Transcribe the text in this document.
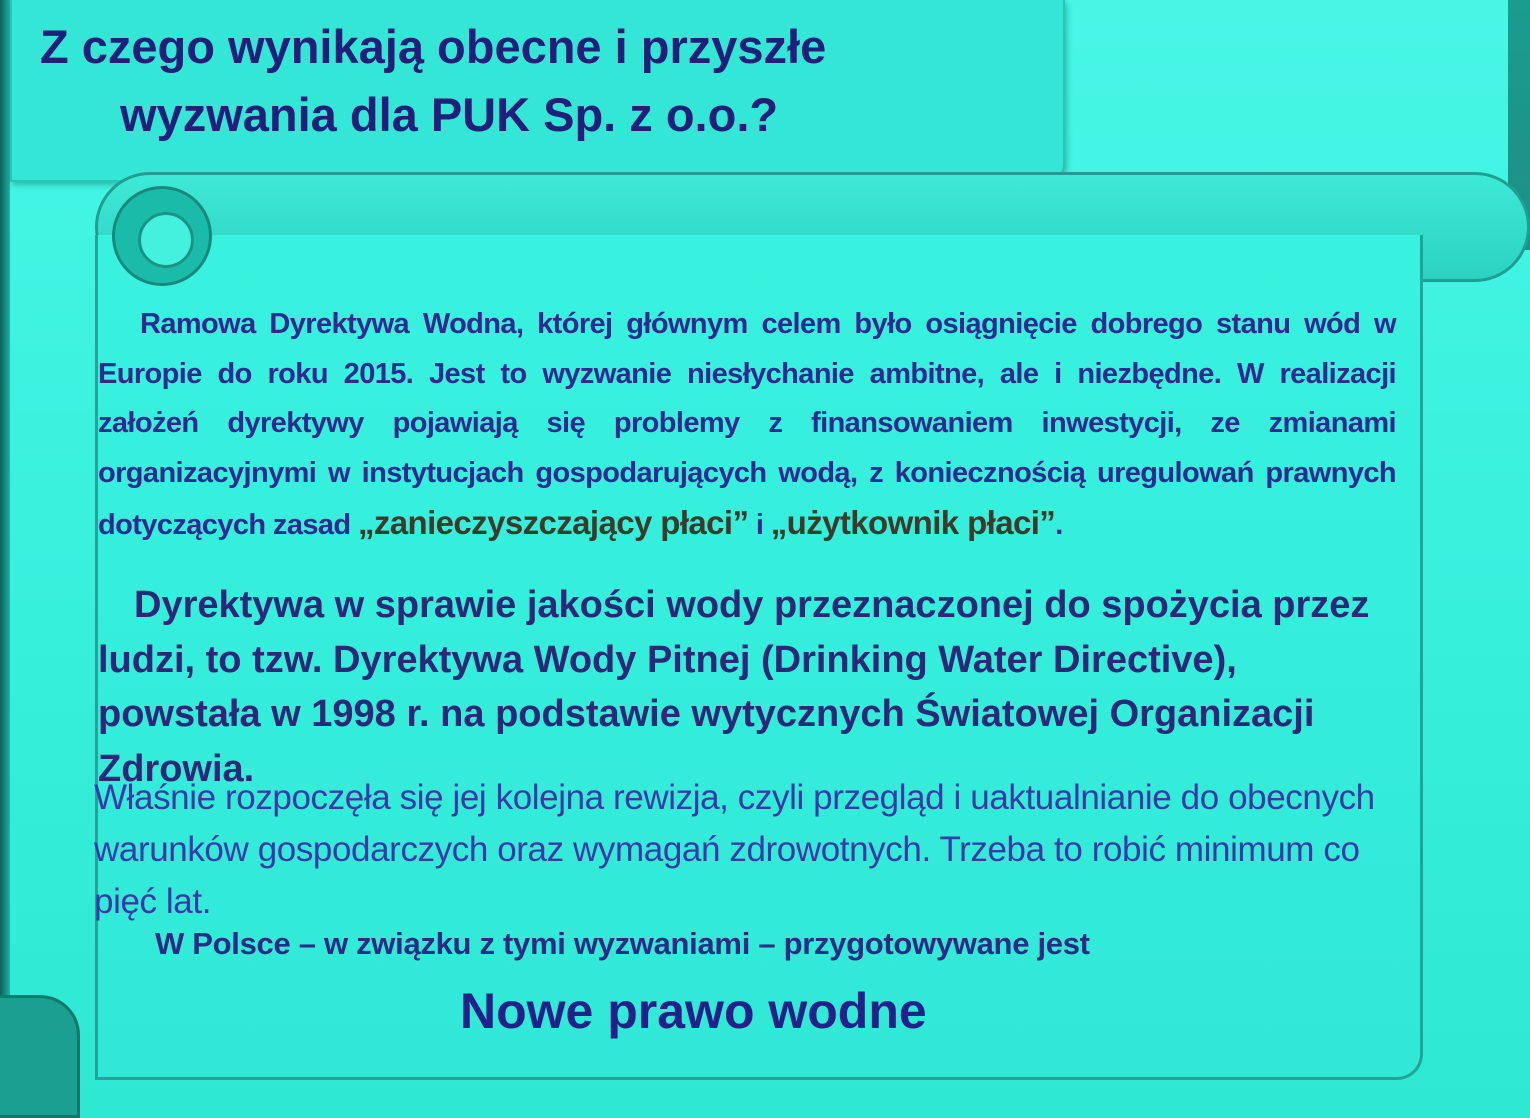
Z czego wynikają obecne i przyszłe
wyzwania dla PUK Sp. z o.o.?

Ramowa Dyrektywa Wodna, której głównym celem było osiągnięcie dobrego stanu wód w Europie do roku 2015. Jest to wyzwanie niesłychanie ambitne, ale i niezbędne. W realizacji założeń dyrektywy pojawiają się problemy z finansowaniem inwestycji, ze zmianami organizacyjnymi w instytucjach gospodarujących wodą, z koniecznością uregulowań prawnych dotyczących zasad „zanieczyszczający płaci” i „użytkownik płaci”.

Dyrektywa w sprawie jakości wody przeznaczonej do spożycia przez ludzi, to tzw. Dyrektywa Wody Pitnej (Drinking Water Directive), powstała w 1998 r. na podstawie wytycznych Światowej Organizacji Zdrowia.

Właśnie rozpoczęła się jej kolejna rewizja, czyli przegląd i uaktualnianie do obecnych warunków gospodarczych oraz wymagań zdrowotnych. Trzeba to robić minimum co pięć lat.

W Polsce – w związku z tymi wyzwaniami – przygotowywane jest

Nowe prawo wodne
